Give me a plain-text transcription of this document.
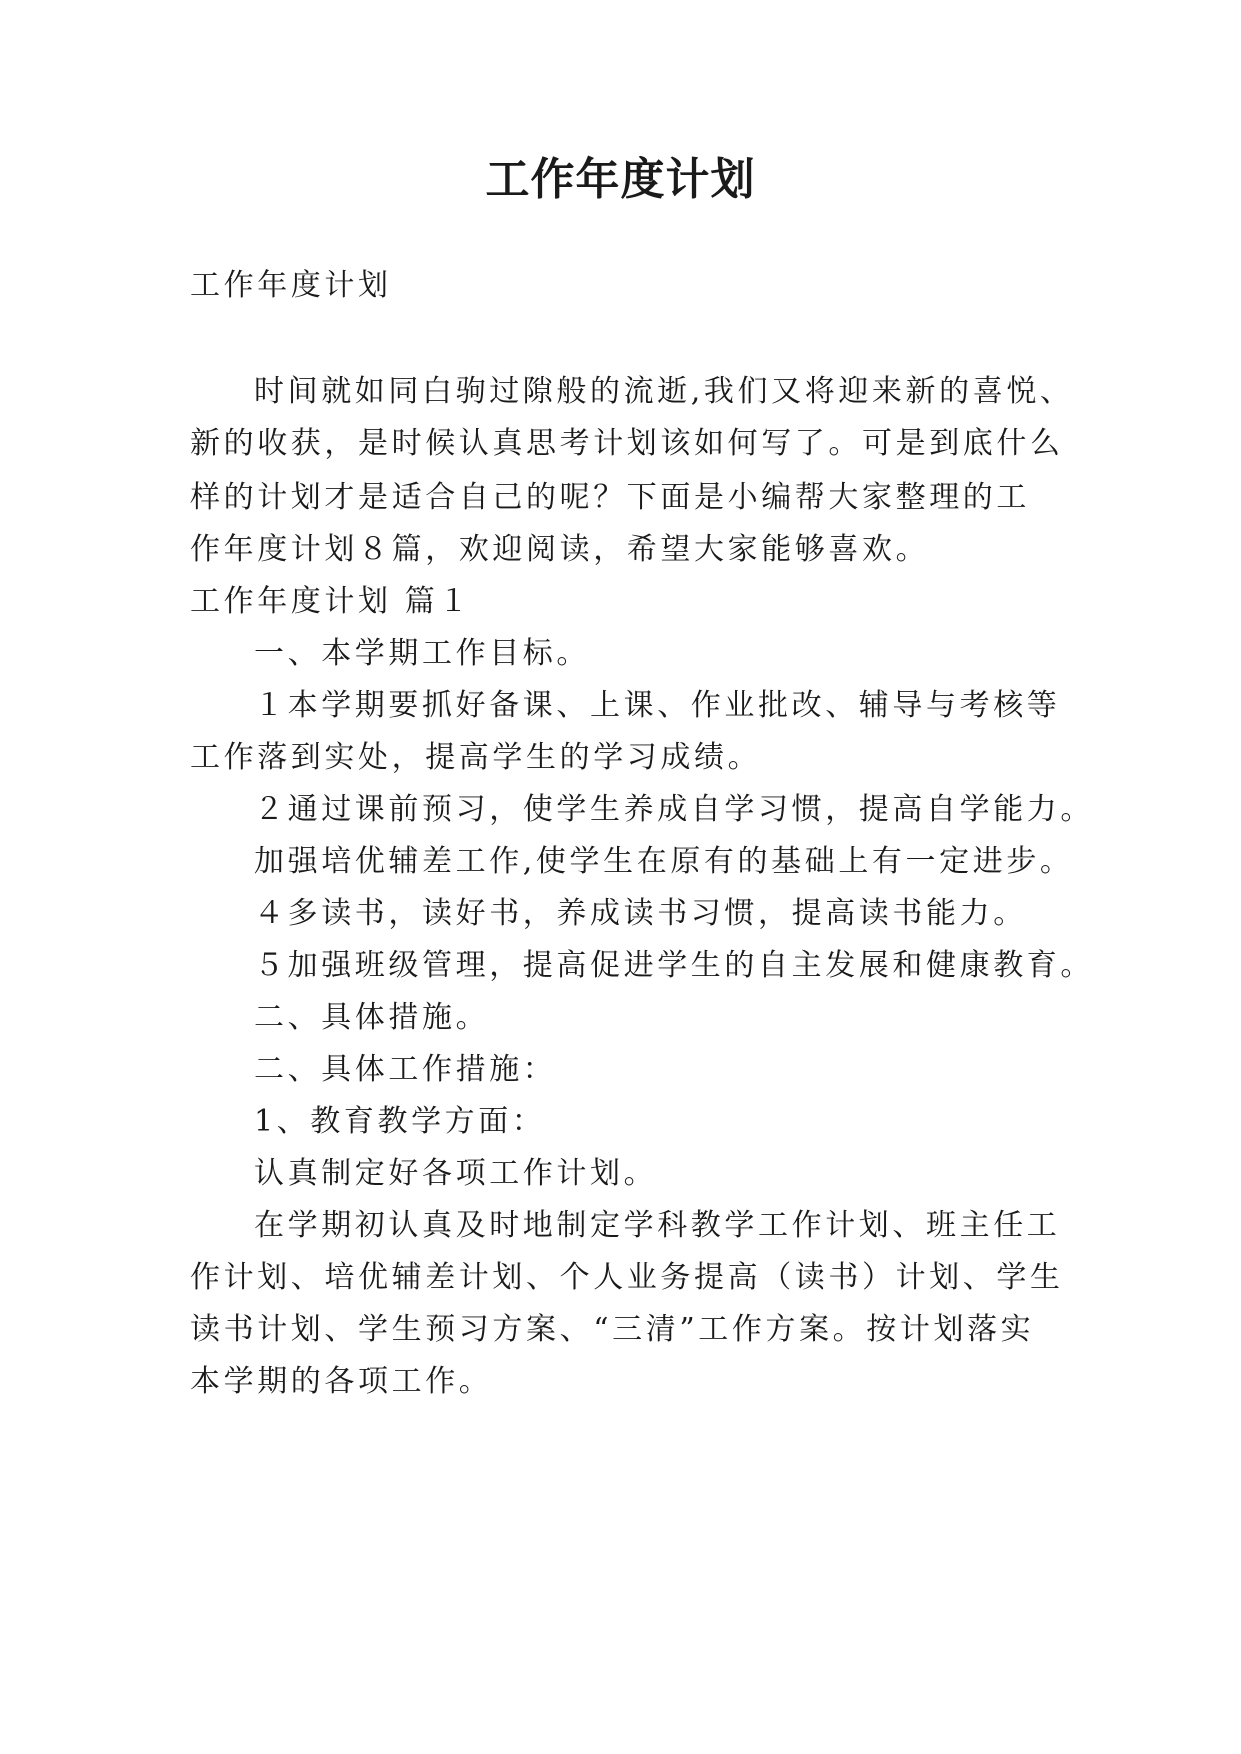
工作年度计划
工作年度计划
时间就如同白驹过隙般的流逝,我们又将迎来新的喜悦、
新的收获，是时候认真思考计划该如何写了。可是到底什么
样的计划才是适合自己的呢？下面是小编帮大家整理的工
作年度计划８篇，欢迎阅读，希望大家能够喜欢。
工作年度计划 篇１
一、本学期工作目标。
１本学期要抓好备课、上课、作业批改、辅导与考核等
工作落到实处，提高学生的学习成绩。
２通过课前预习，使学生养成自学习惯，提高自学能力。
加强培优辅差工作,使学生在原有的基础上有一定进步。
４多读书，读好书，养成读书习惯，提高读书能力。
５加强班级管理，提高促进学生的自主发展和健康教育。
二、具体措施。
二、具体工作措施：
1、教育教学方面：
认真制定好各项工作计划。
在学期初认真及时地制定学科教学工作计划、班主任工
作计划、培优辅差计划、个人业务提高（读书）计划、学生
读书计划、学生预习方案、“三清”工作方案。按计划落实
本学期的各项工作。
